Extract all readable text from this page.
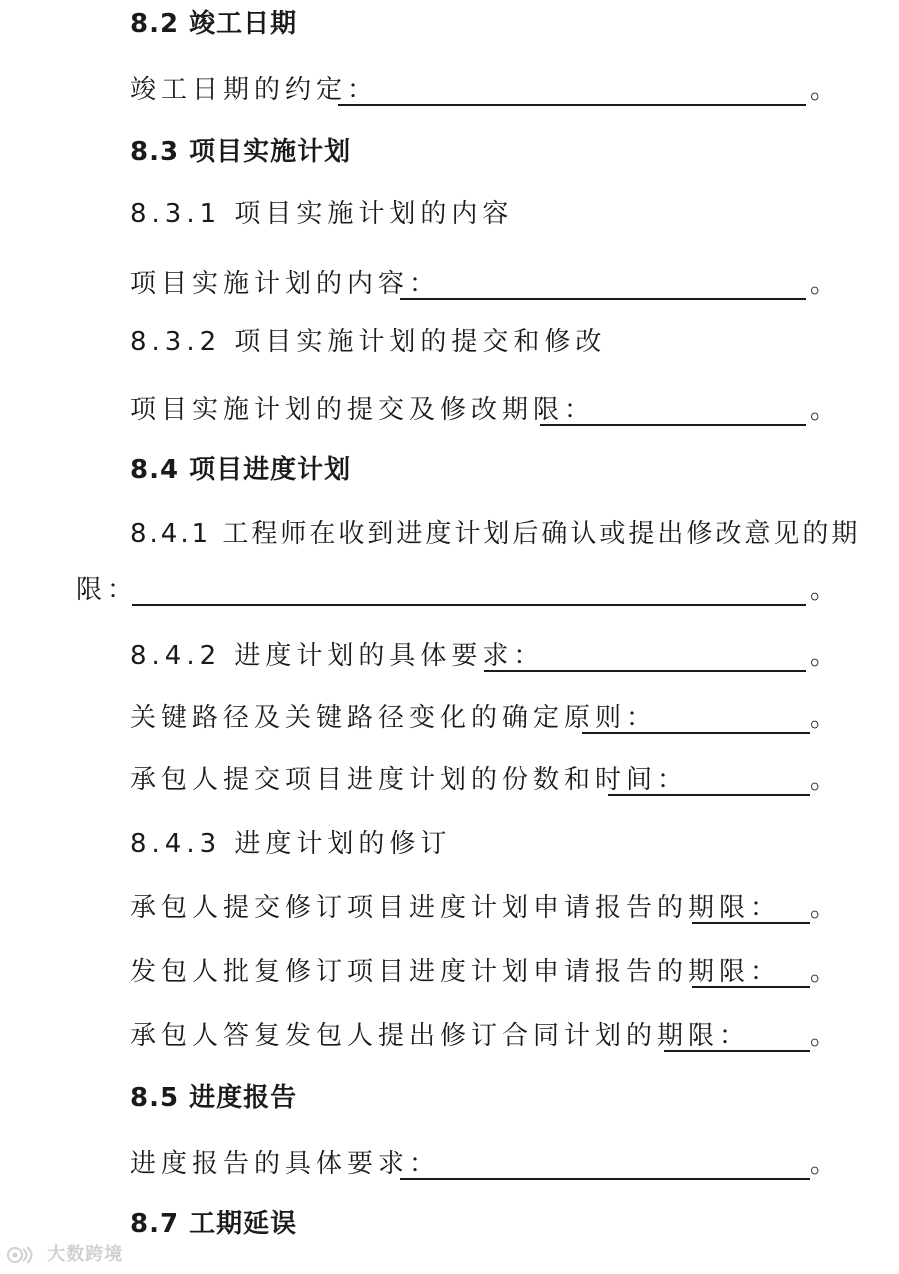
8.2 竣工日期
竣工日期的约定：	。
8.3 项目实施计划
8.3.1 项目实施计划的内容
项目实施计划的内容：	。
8.3.2 项目实施计划的提交和修改
项目实施计划的提交及修改期限：	。
8.4 项目进度计划
8.4.1 工程师在收到进度计划后确认或提出修改意见的期
限：	。
8.4.2 进度计划的具体要求：	。
关键路径及关键路径变化的确定原则：	。
承包人提交项目进度计划的份数和时间：	。
8.4.3 进度计划的修订
承包人提交修订项目进度计划申请报告的期限： 。
发包人批复修订项目进度计划申请报告的期限： 。
承包人答复发包人提出修订合同计划的期限： 。
8.5 进度报告
进度报告的具体要求：	。
8.7 工期延误
大数跨境
